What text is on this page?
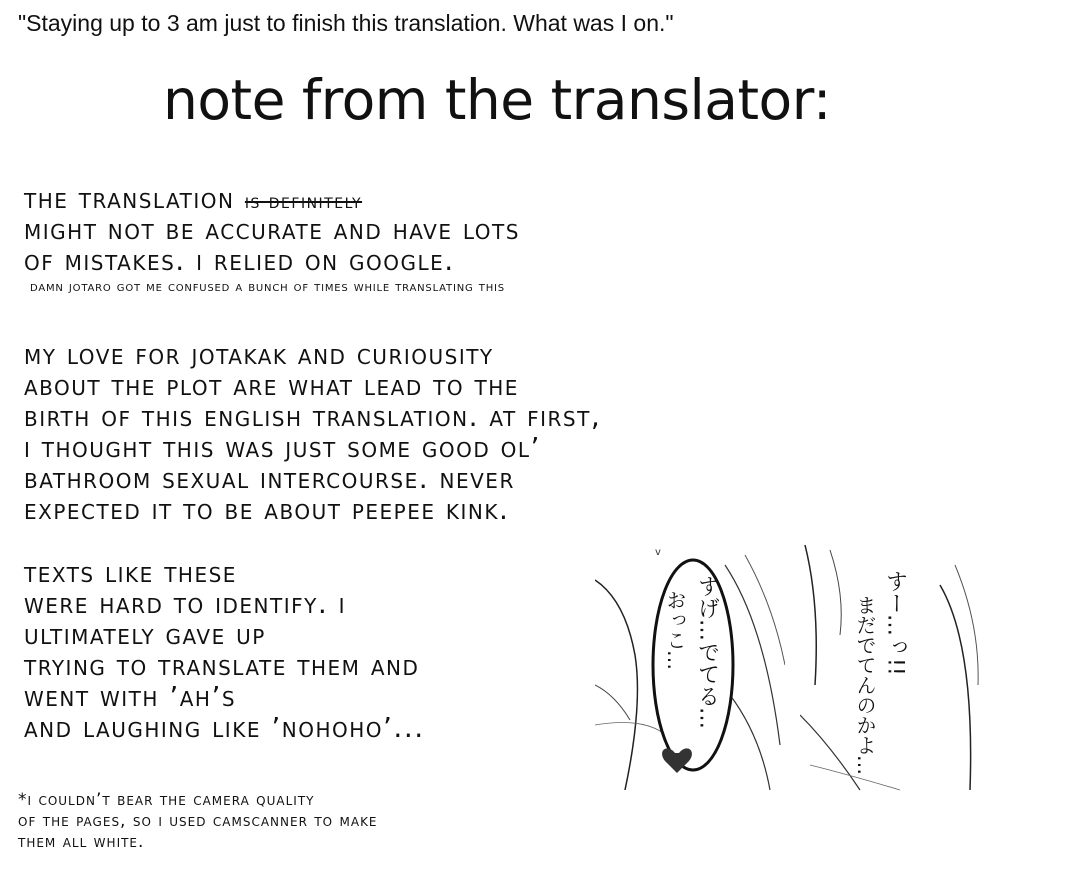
"Staying up to 3 am just to finish this translation. What was I on."
note from the translator:
the translation is definitely
might not be accurate and have lots
of mistakes. i relied on google.
damn jotaro got me confused a bunch of times while translating this
my love for jotakak and curiousity
about the plot are what lead to the
birth of this english translation. at first,
i thought this was just some good ol’
bathroom sexual intercourse. never
expected it to be about peepee kink.
texts like these
were hard to identify. i
ultimately gave up
trying to translate them and
went with ’ah’s
and laughing like ’nohoho’...
v
すげ…でてる…
おっこ…	すー…っ!!
まだでてんのかよ…
*i couldn’t bear the camera quality
of the pages, so i used camscanner to make
them all white.
